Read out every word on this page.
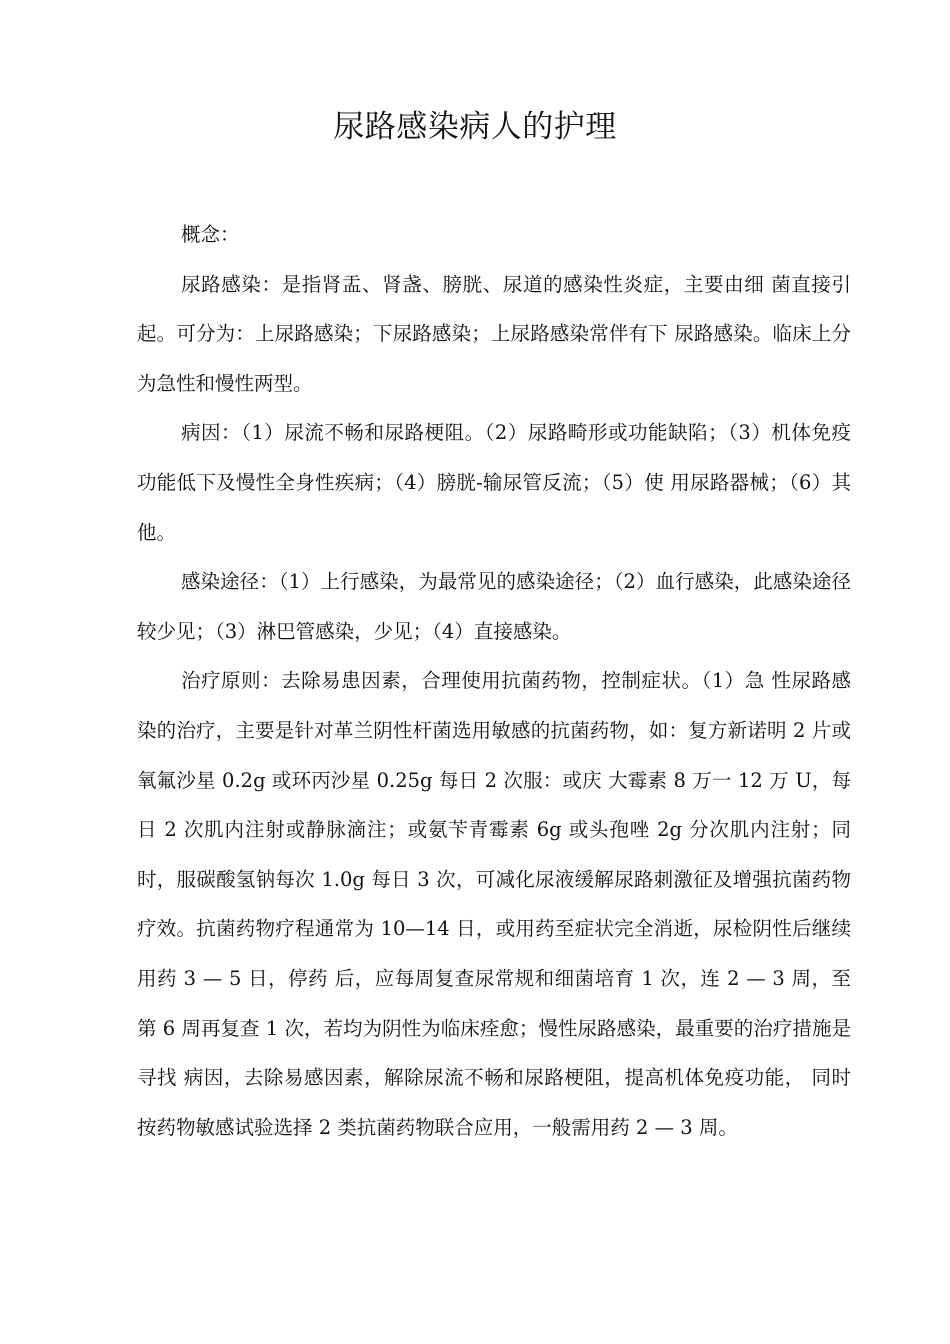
尿路感染病人的护理

概念：

尿路感染：是指肾盂、肾盏、膀胱、尿道的感染性炎症，主要由细 菌直接引起。可分为：上尿路感染；下尿路感染；上尿路感染常伴有下 尿路感染。临床上分为急性和慢性两型。

病因：（1）尿流不畅和尿路梗阻。（2）尿路畸形或功能缺陷；（3）机体免疫功能低下及慢性全身性疾病；（4）膀胱-输尿管反流；（5）使 用尿路器械；（6）其他。

感染途径：（1）上行感染，为最常见的感染途径；（2）血行感染，此感染途径较少见；（3）淋巴管感染，少见；（4）直接感染。

治疗原则：去除易患因素，合理使用抗菌药物，控制症状。（1）急 性尿路感染的治疗，主要是针对革兰阴性杆菌选用敏感的抗菌药物，如：复方新诺明 2 片或氧氟沙星 0.2g 或环丙沙星 0.25g 每日 2 次服：或庆 大霉素 8 万一 12 万 U，每日 2 次肌内注射或静脉滴注；或氨苄青霉素 6g 或头孢唑 2g 分次肌内注射；同时，服碳酸氢钠每次 1.0g 每日 3 次，可减化尿液缓解尿路刺激征及增强抗菌药物疗效。抗菌药物疗程通常为 10—14 日，或用药至症状完全消逝，尿检阴性后继续用药 3 — 5 日，停药 后，应每周复查尿常规和细菌培育 1 次，连 2 — 3 周，至第 6 周再复查 1 次，若均为阴性为临床痊愈；慢性尿路感染，最重要的治疗措施是寻找 病因，去除易感因素，解除尿流不畅和尿路梗阻，提高机体免疫功能， 同时按药物敏感试验选择 2 类抗菌药物联合应用，一般需用药 2 — 3 周。
